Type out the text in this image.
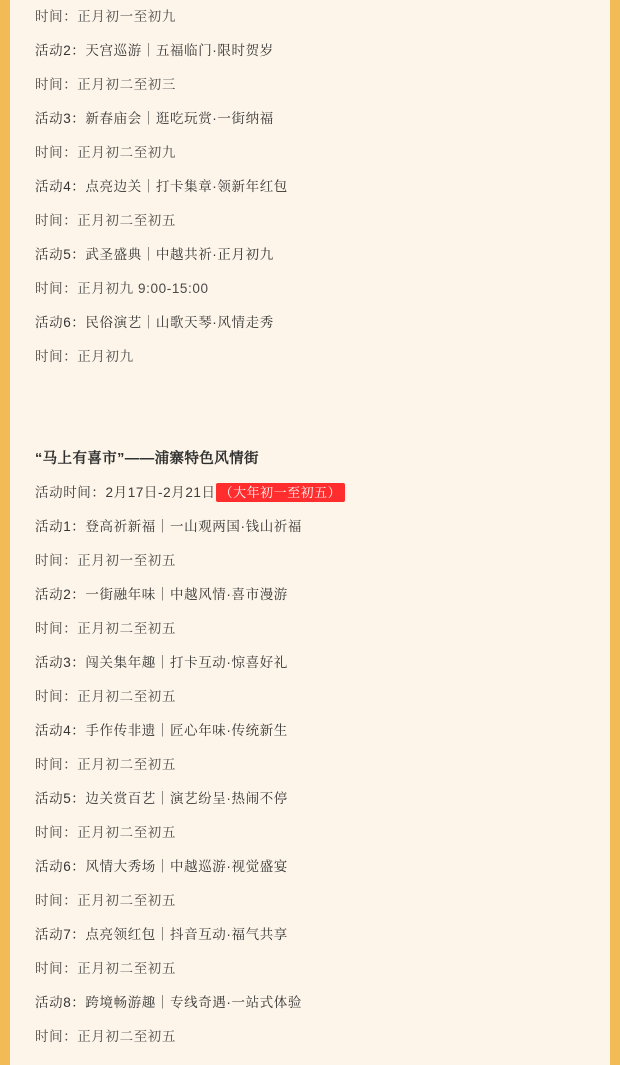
时间：正月初一至初九
活动2：天宫巡游｜五福临门·限时贺岁
时间：正月初二至初三
活动3：新春庙会｜逛吃玩赏·一街纳福
时间：正月初二至初九
活动4：点亮边关｜打卡集章·领新年红包
时间：正月初二至初五
活动5：武圣盛典｜中越共祈·正月初九
时间：正月初九 9:00-15:00
活动6：民俗演艺｜山歌天琴·风情走秀
时间：正月初九
“马上有喜市”——浦寨特色风情街
活动时间：2月17日-2月21日 （大年初一至初五）
活动1：登高祈新福｜一山观两国·钱山祈福
时间：正月初一至初五
活动2：一街融年味｜中越风情·喜市漫游
时间：正月初二至初五
活动3：闯关集年趣｜打卡互动·惊喜好礼
时间：正月初二至初五
活动4：手作传非遗｜匠心年味·传统新生
时间：正月初二至初五
活动5：边关赏百艺｜演艺纷呈·热闹不停
时间：正月初二至初五
活动6：风情大秀场｜中越巡游·视觉盛宴
时间：正月初二至初五
活动7：点亮领红包｜抖音互动·福气共享
时间：正月初二至初五
活动8：跨境畅游趣｜专线奇遇·一站式体验
时间：正月初二至初五
